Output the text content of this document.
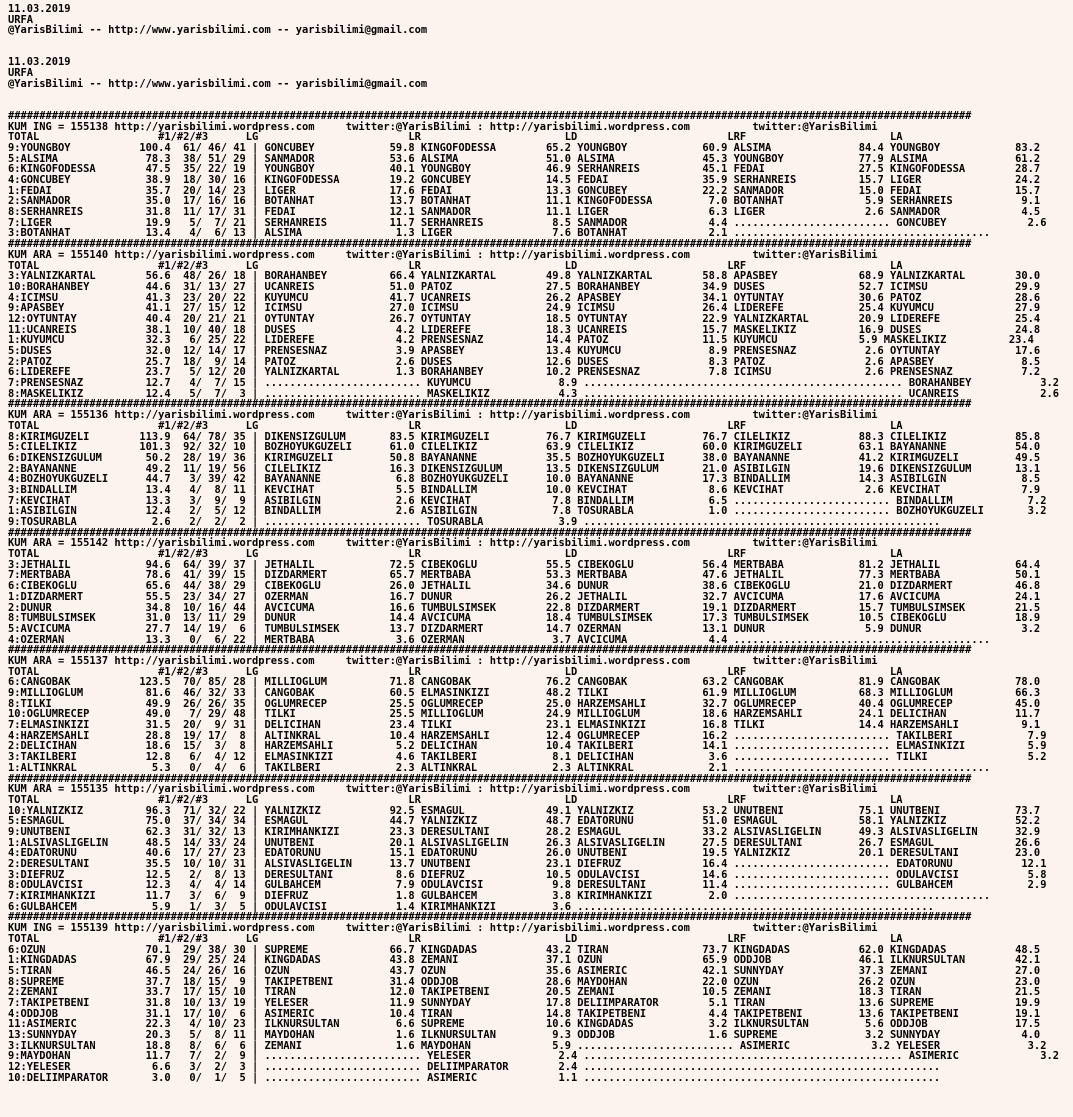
11.03.2019
URFA
@YarisBilimi -- http://www.yarisbilimi.com -- yarisbilimi@gmail.com
11.03.2019
URFA
@YarisBilimi -- http://www.yarisbilimi.com -- yarisbilimi@gmail.com
##########################################################################################################################################################
KUM ING = 155138 http://yarisbilimi.wordpress.com     twitter:@YarisBilimi : http://yarisbilimi.wordpress.com          twitter:@YarisBilimi
TOTAL                   #1/#2/#3      LG                        LR                       LD                        LRF                       LA
9:YOUNGBOY           100.4  61/ 46/ 41 | GONCUBEY            59.8 KINGOFODESSA        65.2 YOUNGBOY            60.9 ALSIMA              84.4 YOUNGBOY            83.2
5:ALSIMA              78.3  38/ 51/ 29 | SANMADOR            53.6 ALSIMA              51.0 ALSIMA              45.3 YOUNGBOY            77.9 ALSIMA              61.2
6:KINGOFODESSA        47.5  35/ 22/ 19 | YOUNGBOY            40.1 YOUNGBOY            46.9 SERHANREIS          45.1 FEDAI               27.5 KINGOFODESSA        28.7
4:GONCUBEY            38.9  18/ 30/ 16 | KINGOFODESSA        19.2 GONCUBEY            14.5 FEDAI               35.9 SERHANREIS          15.7 LIGER               24.2
1:FEDAI               35.7  20/ 14/ 23 | LIGER               17.6 FEDAI               13.3 GONCUBEY            22.2 SANMADOR            15.0 FEDAI               15.7
2:SANMADOR            35.0  17/ 16/ 16 | BOTANHAT            13.7 BOTANHAT            11.1 KINGOFODESSA         7.0 BOTANHAT             5.9 SERHANREIS           9.1
8:SERHANREIS          31.8  11/ 17/ 31 | FEDAI               12.1 SANMADOR            11.1 LIGER                6.3 LIGER                2.6 SANMADOR             4.5
7:LIGER               19.9   5/  7/ 21 | SERHANREIS          11.7 SERHANREIS           8.5 SANMADOR             4.4 ......................... GONCUBEY             2.6
3:BOTANHAT            13.4   4/  6/ 13 | ALSIMA               1.3 LIGER                7.6 BOTANHAT             2.1 .........................................
##########################################################################################################################################################
KUM ARA = 155140 http://yarisbilimi.wordpress.com     twitter:@YarisBilimi : http://yarisbilimi.wordpress.com          twitter:@YarisBilimi
TOTAL                   #1/#2/#3      LG                        LR                       LD                        LRF                       LA
3:YALNIZKARTAL        56.6  48/ 26/ 18 | BORAHANBEY          66.4 YALNIZKARTAL        49.8 YALNIZKARTAL        58.8 APASBEY             68.9 YALNIZKARTAL        30.0
10:BORAHANBEY         44.6  31/ 13/ 27 | UCANREIS            51.0 PATOZ               27.5 BORAHANBEY          34.9 DUSES               52.7 ICIMSU              29.9
4:ICIMSU              41.3  23/ 20/ 22 | KUYUMCU             41.7 UCANREIS            26.2 APASBEY             34.1 OYTUNTAY            30.6 PATOZ               28.6
9:APASBEY             41.1  27/ 15/ 12 | ICIMSU              27.0 ICIMSU              24.9 ICIMSU              26.4 LIDEREFE            25.4 KUYUMCU             27.9
12:OYTUNTAY           40.4  20/ 21/ 21 | OYTUNTAY            26.7 OYTUNTAY            18.5 OYTUNTAY            22.9 YALNIZKARTAL        20.9 LIDEREFE            25.4
11:UCANREIS           38.1  10/ 40/ 18 | DUSES                4.2 LIDEREFE            18.3 UCANREIS            15.7 MASKELIKIZ          16.9 DUSES               24.8
1:KUYUMCU             32.3   6/ 25/ 22 | LIDEREFE             4.2 PRENSESNAZ          14.4 PATOZ               11.5 KUYUMCU             5.9 MASKELIKIZ          23.4
5:DUSES               32.0  12/ 14/ 17 | PRENSESNAZ           3.9 APASBEY             13.4 KUYUMCU              8.9 PRENSESNAZ           2.6 OYTUNTAY            17.6
2:PATOZ               25.7  18/  9/ 14 | PATOZ                2.6 DUSES               12.6 DUSES                8.3 PATOZ                2.6 APASBEY              8.5
6:LIDEREFE            23.7   5/ 12/ 20 | YALNIZKARTAL         1.3 BORAHANBEY          10.2 PRENSESNAZ           7.8 ICIMSU               2.6 PRENSESNAZ           7.2
7:PRENSESNAZ          12.7   4/  7/ 15 | ......................... KUYUMCU              8.9 ................................................... BORAHANBEY           3.2
8:MASKELIKIZ          12.4   5/  7/  3 | ......................... MASKELIKIZ           4.3 ................................................... UCANREIS             2.6
##########################################################################################################################################################
KUM ARA = 155136 http://yarisbilimi.wordpress.com     twitter:@YarisBilimi : http://yarisbilimi.wordpress.com          twitter:@YarisBilimi
TOTAL                   #1/#2/#3      LG                        LR                       LD                        LRF                       LA
8:KIRIMGUZELI        113.9  64/ 78/ 35 | DIKENSIZGULUM       83.5 KIRIMGUZELI         76.7 KIRIMGUZELI         76.7 CILELIKIZ           88.3 CILELIKIZ           85.8
5:CILELIKIZ          101.3  92/ 32/ 10 | BOZHOYUKGUZELI      61.0 CILELIKIZ           63.9 CILELIKIZ           60.0 KIRIMGUZELI         63.1 BAYANANNE           54.0
6:DIKENSIZGULUM       50.2  28/ 19/ 36 | KIRIMGUZELI         50.8 BAYANANNE           35.5 BOZHOYUKGUZELI      38.0 BAYANANNE           41.2 KIRIMGUZELI         49.5
2:BAYANANNE           49.2  11/ 19/ 56 | CILELIKIZ           16.3 DIKENSIZGULUM       13.5 DIKENSIZGULUM       21.0 ASIBILGIN           19.6 DIKENSIZGULUM       13.1
4:BOZHOYUKGUZELI      44.7   3/ 39/ 42 | BAYANANNE            6.8 BOZHOYUKGUZELI      10.0 BAYANANNE           17.3 BINDALLIM           14.3 ASIBILGIN            8.5
3:BINDALLIM           13.4   4/  8/ 11 | KEVCIHAT             5.5 BINDALLIM           10.0 KEVCIHAT             8.6 KEVCIHAT             2.6 KEVCIHAT             7.9
7:KEVCIHAT            13.3   3/  9/  9 | ASIBILGIN            2.6 KEVCIHAT             7.8 BINDALLIM            6.5 ......................... BINDALLIM            7.2
1:ASIBILGIN           12.4   2/  5/ 12 | BINDALLIM            2.6 ASIBILGIN            7.8 TOSURABLA            1.0 ......................... BOZHOYUKGUZELI       3.2
9:TOSURABLA            2.6   2/  2/  2 | ......................... TOSURABLA            3.9 .........................................................
##########################################################################################################################################################
KUM ARA = 155142 http://yarisbilimi.wordpress.com     twitter:@YarisBilimi : http://yarisbilimi.wordpress.com          twitter:@YarisBilimi
TOTAL                   #1/#2/#3      LG                        LR                       LD                        LRF                       LA
3:JETHALIL            94.6  64/ 39/ 37 | JETHALIL            72.5 CIBEKOGLU           55.5 CIBEKOGLU           56.4 MERTBABA            81.2 JETHALIL            64.4
7:MERTBABA            78.6  41/ 39/ 15 | DIZDARMERT          65.7 MERTBABA            53.3 MERTBABA            47.6 JETHALIL            77.3 MERTBABA            50.1
6:CIBEKOGLU           65.6  44/ 38/ 29 | CIBEKOGLU           26.0 JETHALIL            34.6 DUNUR               38.6 CIBEKOGLU           21.0 DIZDARMERT          46.8
1:DIZDARMERT          55.5  23/ 34/ 27 | OZERMAN             16.7 DUNUR               26.2 JETHALIL            32.7 AVCICUMA            17.6 AVCICUMA            24.1
2:DUNUR               34.8  10/ 16/ 44 | AVCICUMA            16.6 TUMBULSIMSEK        22.8 DIZDARMERT          19.1 DIZDARMERT          15.7 TUMBULSIMSEK        21.5
8:TUMBULSIMSEK        31.0  13/ 11/ 29 | DUNUR               14.4 AVCICUMA            18.4 TUMBULSIMSEK        17.3 TUMBULSIMSEK        10.5 CIBEKOGLU           18.9
5:AVCICUMA            27.7  14/ 19/  6 | TUMBULSIMSEK        13.7 DIZDARMERT          14.7 OZERMAN             13.1 DUNUR                5.9 DUNUR                3.2
4:OZERMAN             13.3   0/  6/ 22 | MERTBABA             3.6 OZERMAN              3.7 AVCICUMA             4.4 .........................................
##########################################################################################################################################################
KUM ARA = 155137 http://yarisbilimi.wordpress.com     twitter:@YarisBilimi : http://yarisbilimi.wordpress.com          twitter:@YarisBilimi
TOTAL                   #1/#2/#3      LG                        LR                       LD                        LRF                       LA
6:CANGOBAK           123.5  70/ 85/ 28 | MILLIOGLUM          71.8 CANGOBAK            76.2 CANGOBAK            63.2 CANGOBAK            81.9 CANGOBAK            78.0
9:MILLIOGLUM          81.6  46/ 32/ 33 | CANGOBAK            60.5 ELMASINKIZI         48.2 TILKI               61.9 MILLIOGLUM          68.3 MILLIOGLUM          66.3
8:TILKI               49.9  26/ 26/ 35 | OGLUMRECEP          25.5 OGLUMRECEP          25.0 HARZEMSAHLI         32.7 OGLUMRECEP          40.4 OGLUMRECEP          45.0
10:OGLUMRECEP         49.0   7/ 29/ 48 | TILKI               25.5 MILLIOGLUM          24.9 MILLIOGLUM          18.6 HARZEMSAHLI         24.1 DELICIHAN           11.7
7:ELMASINKIZI         31.5  20/  9/ 31 | DELICIHAN           23.4 TILKI               23.1 ELMASINKIZI         16.8 TILKI               14.4 HARZEMSAHLI          9.1
4:HARZEMSAHLI         28.8  19/ 17/  8 | ALTINKRAL           10.4 HARZEMSAHLI         12.4 OGLUMRECEP          16.2 ......................... TAKILBERI            7.9
2:DELICIHAN           18.6  15/  3/  8 | HARZEMSAHLI          5.2 DELICIHAN           10.4 TAKILBERI           14.1 ......................... ELMASINKIZI          5.9
3:TAKILBERI           12.8   6/  4/ 12 | ELMASINKIZI          4.6 TAKILBERI            8.1 DELICIHAN            3.6 ......................... TILKI                5.2
1:ALTINKRAL            5.3   0/  4/  6 | TAKILBERI            2.3 ALTINKRAL            2.3 ALTINKRAL            2.1 .........................................
##########################################################################################################################################################
KUM ARA = 155135 http://yarisbilimi.wordpress.com     twitter:@YarisBilimi : http://yarisbilimi.wordpress.com          twitter:@YarisBilimi
TOTAL                   #1/#2/#3      LG                        LR                       LD                        LRF                       LA
10:YALNIZKIZ          96.3  71/ 32/ 22 | YALNIZKIZ           92.5 ESMAGUL             49.1 YALNIZKIZ           53.2 UNUTBENI            75.1 UNUTBENI            73.7
5:ESMAGUL             75.0  37/ 34/ 34 | ESMAGUL             44.7 YALNIZKIZ           48.7 EDATORUNU           51.0 ESMAGUL             58.1 YALNIZKIZ           52.2
9:UNUTBENI            62.3  31/ 32/ 13 | KIRIMHANKIZI        23.3 DERESULTANI         28.2 ESMAGUL             33.2 ALSIVASLIGELIN      49.3 ALSIVASLIGELIN      32.9
1:ALSIVASLIGELIN      48.5  14/ 33/ 24 | UNUTBENI            20.1 ALSIVASLIGELIN      26.3 ALSIVASLIGELIN      27.5 DERESULTANI         26.7 ESMAGUL             26.6
4:EDATORUNU           40.6  17/ 27/ 23 | EDATORUNU           15.1 EDATORUNU           26.0 UNUTBENI            19.5 YALNIZKIZ           20.1 DERESULTANI         23.0
2:DERESULTANI         35.5  10/ 10/ 31 | ALSIVASLIGELIN      13.7 UNUTBENI            23.1 DIEFRUZ             16.4 ......................... EDATORUNU           12.1
3:DIEFRUZ             12.5   2/  8/ 13 | DERESULTANI          8.6 DIEFRUZ             10.5 ODULAVCISI          14.6 ......................... ODULAVCISI           5.8
8:ODULAVCISI          12.3   4/  4/ 14 | GULBAHCEM            7.9 ODULAVCISI           9.8 DERESULTANI         11.4 ......................... GULBAHCEM            2.9
7:KIRIMHANKIZI        11.7   3/  6/  9 | DIEFRUZ              1.8 GULBAHCEM            3.8 KIRIMHANKIZI         2.0 .........................................
6:GULBAHCEM            5.9   1/  3/  5 | ODULAVCISI           1.4 KIRIMHANKIZI         3.6 .........................................................
##########################################################################################################################################################
KUM ING = 155139 http://yarisbilimi.wordpress.com     twitter:@YarisBilimi : http://yarisbilimi.wordpress.com          twitter:@YarisBilimi
TOTAL                   #1/#2/#3      LG                        LR                       LD                        LRF                       LA
6:OZUN                70.1  29/ 38/ 30 | SUPREME             66.7 KINGDADAS           43.2 TIRAN               73.7 KINGDADAS           62.0 KINGDADAS           48.5
1:KINGDADAS           67.9  29/ 25/ 24 | KINGDADAS           43.8 ZEMANI              37.1 OZUN                65.9 ODDJOB              46.1 ILKNURSULTAN        42.1
5:TIRAN               46.5  24/ 26/ 16 | OZUN                43.7 OZUN                35.6 ASIMERIC            42.1 SUNNYDAY            37.3 ZEMANI              27.0
8:SUPREME             37.7  18/ 15/  9 | TAKIPETBENI         31.4 ODDJOB              28.6 MAYDOHAN            22.0 OZUN                26.2 OZUN                23.0
2:ZEMANI              33.7  17/ 15/ 10 | TIRAN               12.0 TAKIPETBENI         20.5 ZEMANI              10.5 ZEMANI              18.3 TIRAN               21.5
7:TAKIPETBENI         31.8  10/ 13/ 19 | YELESER             11.9 SUNNYDAY            17.8 DELIIMPARATOR        5.1 TIRAN               13.6 SUPREME             19.9
4:ODDJOB              31.1  17/ 10/  6 | ASIMERIC            10.4 TIRAN               14.8 TAKIPETBENI          4.4 TAKIPETBENI         13.6 TAKIPETBENI         19.1
11:ASIMERIC           22.3   4/ 10/ 23 | ILKNURSULTAN         6.6 SUPREME             10.6 KINGDADAS            3.2 ILKNURSULTAN         5.6 ODDJOB              17.5
13:SUNNYDAY           20.3   5/  8/ 11 | MAYDOHAN             1.6 ILKNURSULTAN         9.3 ODDJOB               1.6 SUPREME              3.2 SUNNYDAY             4.0
3:ILKNURSULTAN        18.8   8/  6/  6 | ZEMANI               1.6 MAYDOHAN             5.9 ......................... ASIMERIC             3.2 YELESER              3.2
9:MAYDOHAN            11.7   7/  2/  9 | ......................... YELESER              2.4 ................................................... ASIMERIC             3.2
12:YELESER             6.6   3/  2/  3 | ......................... DELIIMPARATOR        2.4 .........................................................
10:DELIIMPARATOR       3.0   0/  1/  5 | ......................... ASIMERIC             1.1 .........................................................
